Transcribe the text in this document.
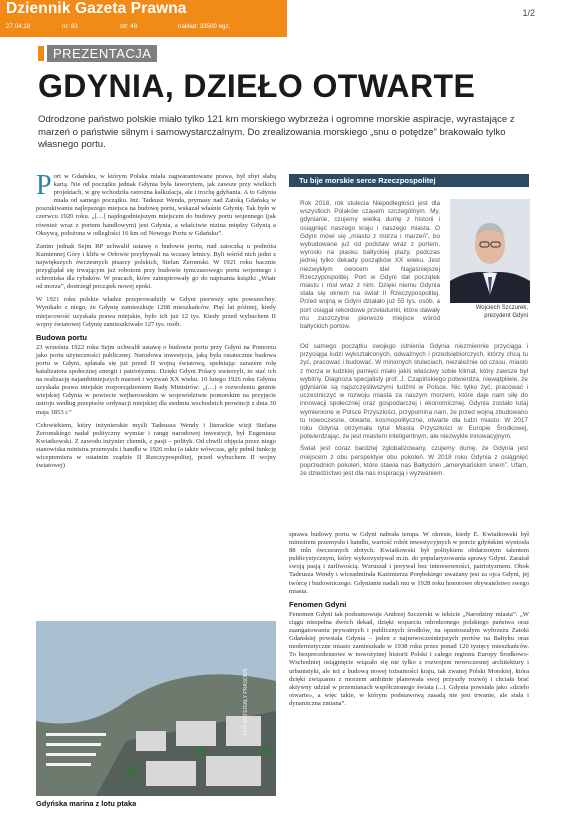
Dziennik Gazeta Prawna
27.04.18	nr: 83	str: 48	nakład: 33500 egz.
1/2
PREZENTACJA
GDYNIA, DZIEŁO OTWARTE
Odrodzone państwo polskie miało tylko 121 km morskiego wybrzeża i ogromne morskie aspiracje, wyrastające z marzeń o państwie silnym i samowystarczalnym. Do zrealizowania morskiego „snu o potędze” brakowało tylko własnego portu.

Port w Gdańsku, w którym Polska miała zagwarantowane prawa, był zbyt słabą kartą. Nie od początku jednak Gdynia była faworytem, jak zawsze przy wielkich projektach, w grę wchodziła ostrożna kalkulacja, ale i trochę gdybania. A to Gdynia miała od samego początku. Inż. Tadeusz Wenda, prymasy nad Zatoką Gdańską w poszukiwaniu najlepszego miejsca na budowę portu, wskazał właśnie Gdynię. Tak było w czerwcu 1920 roku. „[…] najdogodniejszym miejscem do budowy portu wojennego (jak również wraz z portem handlowym) jest Gdynia, a właściwie nizina między Gdynią a Oksywą, położona w odległości 16 km od Nowego Portu w Gdańsku”.

Zanim jednak Sejm RP uchwalił ustawę o budowie portu, nad zatoczką u podnóża Kamiennej Góry i klifu w Orłowie przybywali na wczasy letnicy. Byli wśród nich jedni z największych ówczesnych pisarzy polskich, Stefan Żeromski. W 1921 roku bacznie przyglądał się trwającym już robotom przy budowie tymczasowego portu wojennego i schroniska dla rybaków. W pracach, które zainspirowały go do napisania książki „Wiatr od morza”, dostrzegł początek nowej epoki.

W 1921 roku polskie władze przeprowadziły w Gdyni pierwszy spis powszechny. Wynikało z niego, że Gdynię zamieszkuje 1268 mieszkańców. Pięć lat później, kiedy miejscowość uzyskała prawa miejskie, było ich już 12 tys. Kiedy przed wybuchem II wojny światowej Gdynię zamieszkiwało 127 tys. osób.

Budowa portu

23 września 1922 roku Sejm uchwalił ustawę o budowie portu przy Gdyni na Pomorzu jako portu użyteczności publicznej. Narodowa inwestycja, jaką była ostatecznie budowa portu w Gdyni, splatała się już przed II wojną światową, spełniając zarazem rolę katalizatora społecznej energii i patriotyzmu. Dzięki Gdyni Polacy uwierzyli, że stać ich na realizację najambitniejszych marzeń i wyzwań XX wieku. 10 lutego 1926 roku Gdynia uzyskała prawa miejskie rozporządzeniem Rady Ministrów: „(…) o rozwoleniu gminie wiejskiej Gdynia w powiecie wejherowskim w województwie pomorskim na przyjęcie ustroju według przepisów ordynacji miejskiej dla siedmiu wschodnich prowincji z dnia 30 maja 1853 r.”

Człowiekiem, który inżynierskie myśli Tadeusza Wendy i literackie wizji Stefana Żeromskiego nadał polityczny wymiar i rangę narodowej inwestycji, był Eugeniusz Kwiatkowski. Z zawodu inżynier chemik, z pasji – polityk. Od chwili objęcia przez niego stanowiska ministra przemysłu i handlu w 1926 roku (a także wówczas, gdy pełnił funkcję wicepremiera w ostatnim rządzie II Rzeczypospolitej, przed wybuchem II wojny światowej)

Tu bije morskie serce Rzeczpospolitej

Rok 2018, rok stulecia Niepodległości jest dla wszystkich Polaków czasem szczególnym. My, gdynianie, czujemy wielką dumę z historii i osiągnięć naszego kraju i naszego miasta. O Gdyni mówi się „miasto z morza i marzeń”, bo wybudowane już od podstaw wraz z portem, wyrosło na piasku bałtyckiej plaży, podczas jednej tylko dekady początków XX wieku. Jest niezwykłym owocem idei Najjaśniejszej Rzeczypospolitej. Port w Gdyni dał początek miastu i rósł wraz z nim. Dzięki niemu Gdynia stała się oknem na świat II Rzeczypospolitej. Przed wojną w Gdyni działało już 55 tys. osób, a port osiągał rekordowe przeładunki, które dawały mu zaszczytne pierwsze miejsce wśród bałtyckich portów.

Wojciech Szczurek,
prezydent Gdyni

Od samego początku swojego istnienia Gdynia niezmiennie przyciąga i przyciąga ludzi wykształconych, odważnych i przedsiębiorczych, którzy chcą tu żyć, pracować i budować. W minionych stuleciach, niezależnie od czasu, miasto z morza w ludzkiej pamięci miało jakiś właściwy sobie klimat, który zawsze był wybitny. Diagnoza specjalisty prof. J. Czapińskiego potwierdza, niewątpliwie, że gdynianie są najszczęśliwszymi ludźmi w Polsce. Nic tylko żyć, pracować i uczestniczyć w rozwoju miasta za naszym morzem, które daje nam siłę do innowacji społecznej oraz gospodarczej i ekonomicznej. Gdynia zostało tutaj wymienione w Polsce Przyszłości, przypomina nam, że przed wojną zbudowano tu nowoczesne, otwarte, kosmopolityczne, otwarte dla ludzi miasto. W 2017 roku Gdynia otrzymała tytuł Miasta Przyszłości w Europie Środkowej, potwierdzając, że jest miastem inteligentnym, ale niezwykle innowacyjnym.

Świat jest coraz bardziej zglobalizowany, czujemy dumę, że Gdynia jest miejscem z obu perspektyw obu pokoleń. W 2018 roku Gdynia z osiągnięć poprzednich pokoleń, które stawia nas Bałtyckim „amerykańskim snem”. Ufam, że dziedzictwo jest dla nas inspiracją i wyzwaniem.

sprawa budowy portu w Gdyni nabrała tempa. W okresie, kiedy E. Kwiatkowski był ministrem przemysłu i handlu, wartość robót inwestycyjnych w porcie gdyńskim wyniosła 88 mln ówczesnych złotych. Kwiatkowski był politykiem obdarzonym talentem publicystycznym, który wykorzystywał m.in. do popularyzowania sprawy Gdyni. Zarażał swoją pasją i żarliwością. Wzruszał i porywał bez interesowności, patriotyzmem. Obok Tadeusza Wendy i wiceadmirała Kazimierza Porębskiego uważany jest za ojca Gdyni, jej twórcę i budowniczego. Gdynianie nadali mu w 1928 roku honorowe obywatelstwo swego miasta.

Fenomen Gdyni

Fenomen Gdyni tak podsumowuje Andrzej Szczerski w tekście „Narodziny miasta”: „W ciągu niespełna dwóch dekad, dzięki wsparciu odrodzonego polskiego państwa oraz zaangażowaniu prywatnych i publicznych środków, na opustoszałym wybrzeżu Zatoki Gdańskiej powstała Gdynia – jeden z najnowocześniejszych portów na Bałtyku oraz modernistyczne miasto zamieszkałe w 1938 roku przez ponad 120 tysięcy mieszkańców. To bezprecedensowe w nowożytnej historii Polski i całego regionu Europy Środkowo-Wschodniej osiągnięcie wiązało się nie tylko z rozwojem nowoczesnej architektury i urbanistyki, ale też z budową nowej tożsamości kraju, tak zwanej Polski Morskiej, która dzięki związaniu z morzem ambitnie planowała swoj przyszły rozwój i chciała brać aktywny udział w przemianach współczesnego świata (...). Gdynia powstała jako «dzieło otwarte», a więc takie, w którym podstawową zasadą nie jest trwanie, ale stała i dynamiczna zmiana”.

FOT. MATERIAŁY PRASOWE
Gdyńska marina z lotu ptaka
